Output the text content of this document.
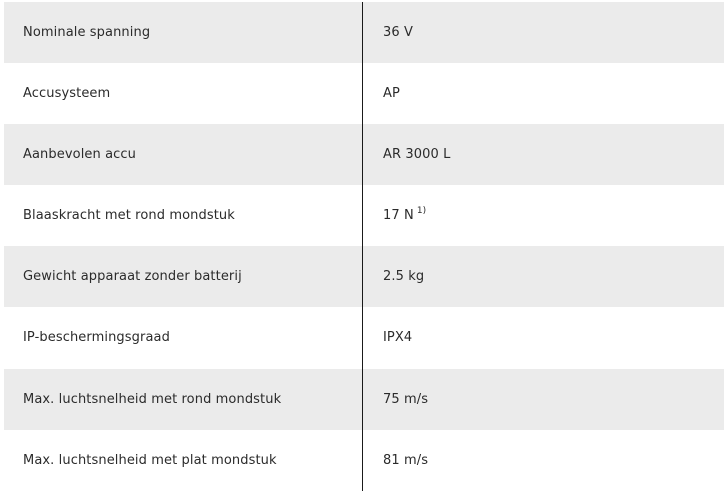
Nominale spanning	36 V
Accusysteem	AP
Aanbevolen accu	AR 3000 L
Blaaskracht met rond mondstuk	17 N $^{1)}$
Gewicht apparaat zonder batterij	2.5 kg
IP-beschermingsgraad	IPX4
Max. luchtsnelheid met rond mondstuk	75 m/s
Max. luchtsnelheid met plat mondstuk	81 m/s
